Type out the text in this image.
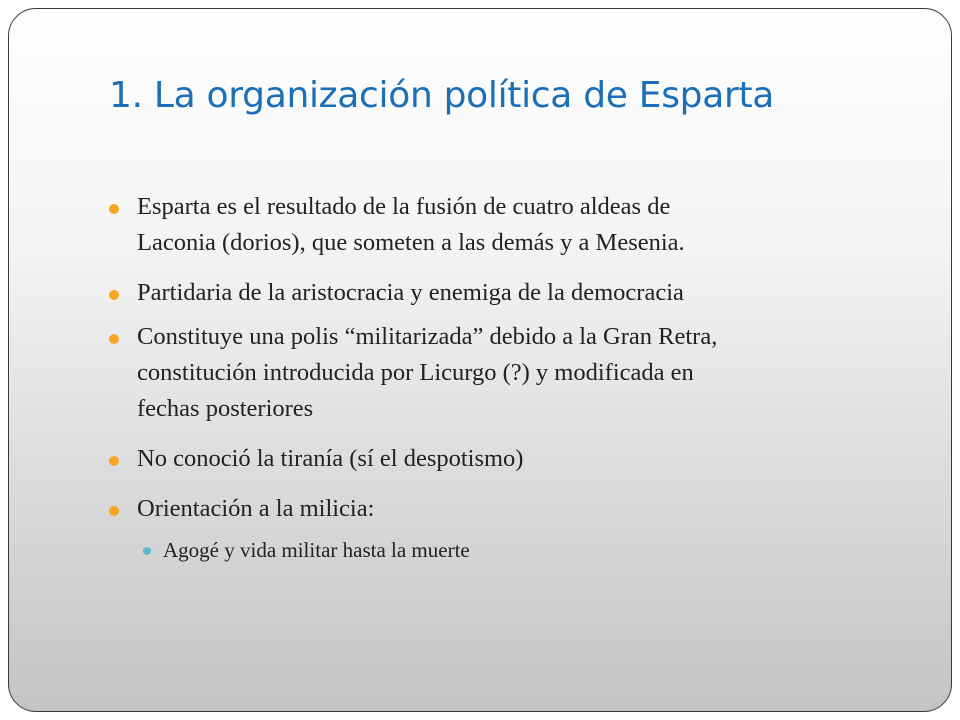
1. La organización política de Esparta
Esparta es el resultado de la fusión de cuatro aldeas de
Laconia (dorios), que someten a las demás y a Mesenia.
Partidaria de la aristocracia y enemiga de la democracia
Constituye una polis “militarizada” debido a la Gran Retra,
constitución introducida por Licurgo (?) y modificada en
fechas posteriores
No conoció la tiranía (sí el despotismo)
Orientación a la milicia:
Agogé y vida militar hasta la muerte
